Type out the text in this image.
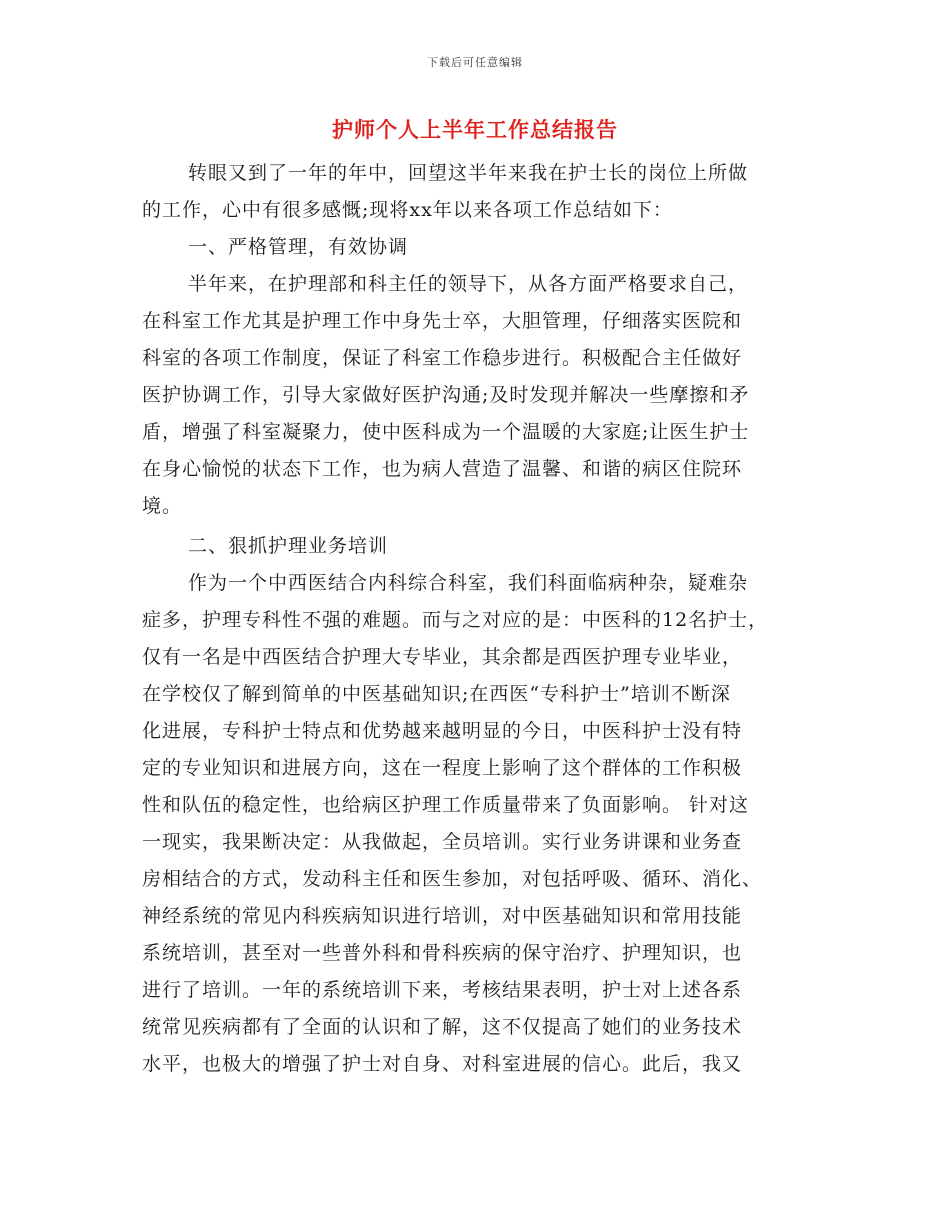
下载后可任意编辑
护师个人上半年工作总结报告
转眼又到了一年的年中，回望这半年来我在护士长的岗位上所做
的工作，心中有很多感慨;现将xx年以来各项工作总结如下：
一、严格管理，有效协调
半年来，在护理部和科主任的领导下，从各方面严格要求自己，
在科室工作尤其是护理工作中身先士卒，大胆管理，仔细落实医院和
科室的各项工作制度，保证了科室工作稳步进行。积极配合主任做好
医护协调工作，引导大家做好医护沟通;及时发现并解决一些摩擦和矛
盾，增强了科室凝聚力，使中医科成为一个温暖的大家庭;让医生护士
在身心愉悦的状态下工作，也为病人营造了温馨、和谐的病区住院环
境。
二、狠抓护理业务培训
作为一个中西医结合内科综合科室，我们科面临病种杂，疑难杂
症多，护理专科性不强的难题。而与之对应的是：中医科的12名护士，
仅有一名是中西医结合护理大专毕业，其余都是西医护理专业毕业，
在学校仅了解到简单的中医基础知识;在西医“专科护士”培训不断深
化进展，专科护士特点和优势越来越明显的今日，中医科护士没有特
定的专业知识和进展方向，这在一程度上影响了这个群体的工作积极
性和队伍的稳定性，也给病区护理工作质量带来了负面影响。 针对这
一现实，我果断决定：从我做起，全员培训。实行业务讲课和业务查
房相结合的方式，发动科主任和医生参加，对包括呼吸、循环、消化、
神经系统的常见内科疾病知识进行培训，对中医基础知识和常用技能
系统培训，甚至对一些普外科和骨科疾病的保守治疗、护理知识，也
进行了培训。一年的系统培训下来，考核结果表明，护士对上述各系
统常见疾病都有了全面的认识和了解，这不仅提高了她们的业务技术
水平，也极大的增强了护士对自身、对科室进展的信心。此后，我又
